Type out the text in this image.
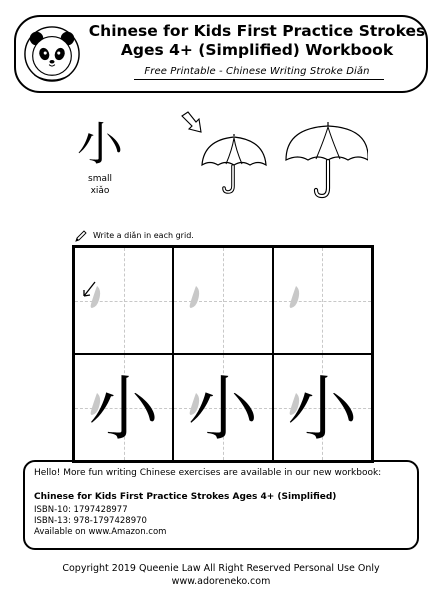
Chinese for Kids First Practice Strokes
Ages 4+ (Simplified) Workbook
Free Printable - Chinese Writing Stroke Diǎn
小
small
xiǎo
Write a diǎn in each grid.
小 小 小
Hello! More fun writing Chinese exercises are available in our new workbook:
Chinese for Kids First Practice Strokes Ages 4+ (Simplified)
ISBN-10: 1797428977
ISBN-13: 978-1797428970
Available on www.Amazon.com
Copyright 2019 Queenie Law All Right Reserved Personal Use Only
www.adoreneko.com
